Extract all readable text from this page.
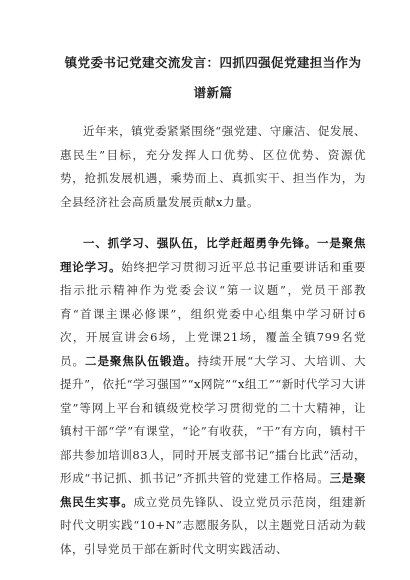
镇党委书记党建交流发言：四抓四强促党建担当作为谱新篇

近年来，镇党委紧紧围绕“强党建、守廉洁、促发展、惠民生”目标，充分发挥人口优势、区位优势、资源优势，抢抓发展机遇，乘势而上、真抓实干、担当作为，为全县经济社会高质量发展贡献x力量。

一、抓学习、强队伍，比学赶超勇争先锋。一是聚焦理论学习。始终把学习贯彻习近平总书记重要讲话和重要指示批示精神作为党委会议“第一议题”，党员干部教育“首课主课必修课”，组织党委中心组集中学习研讨6次，开展宣讲会6场，上党课21场，覆盖全镇799名党员。二是聚焦队伍锻造。持续开展“大学习、大培训、大提升”，依托“学习强国”“x网院”“x组工”“新时代学习大讲堂”等网上平台和镇级党校学习贯彻党的二十大精神，让镇村干部“学”有课堂，“论”有收获，“干”有方向，镇村干部共参加培训83人，同时开展支部书记“擂台比武”活动，形成“书记抓、抓书记”齐抓共管的党建工作格局。三是聚焦民生实事。成立党员先锋队、设立党员示范岗，组建新时代文明实践“10+N”志愿服务队，以主题党日活动为载体，引导党员干部在新时代文明实践活动、
